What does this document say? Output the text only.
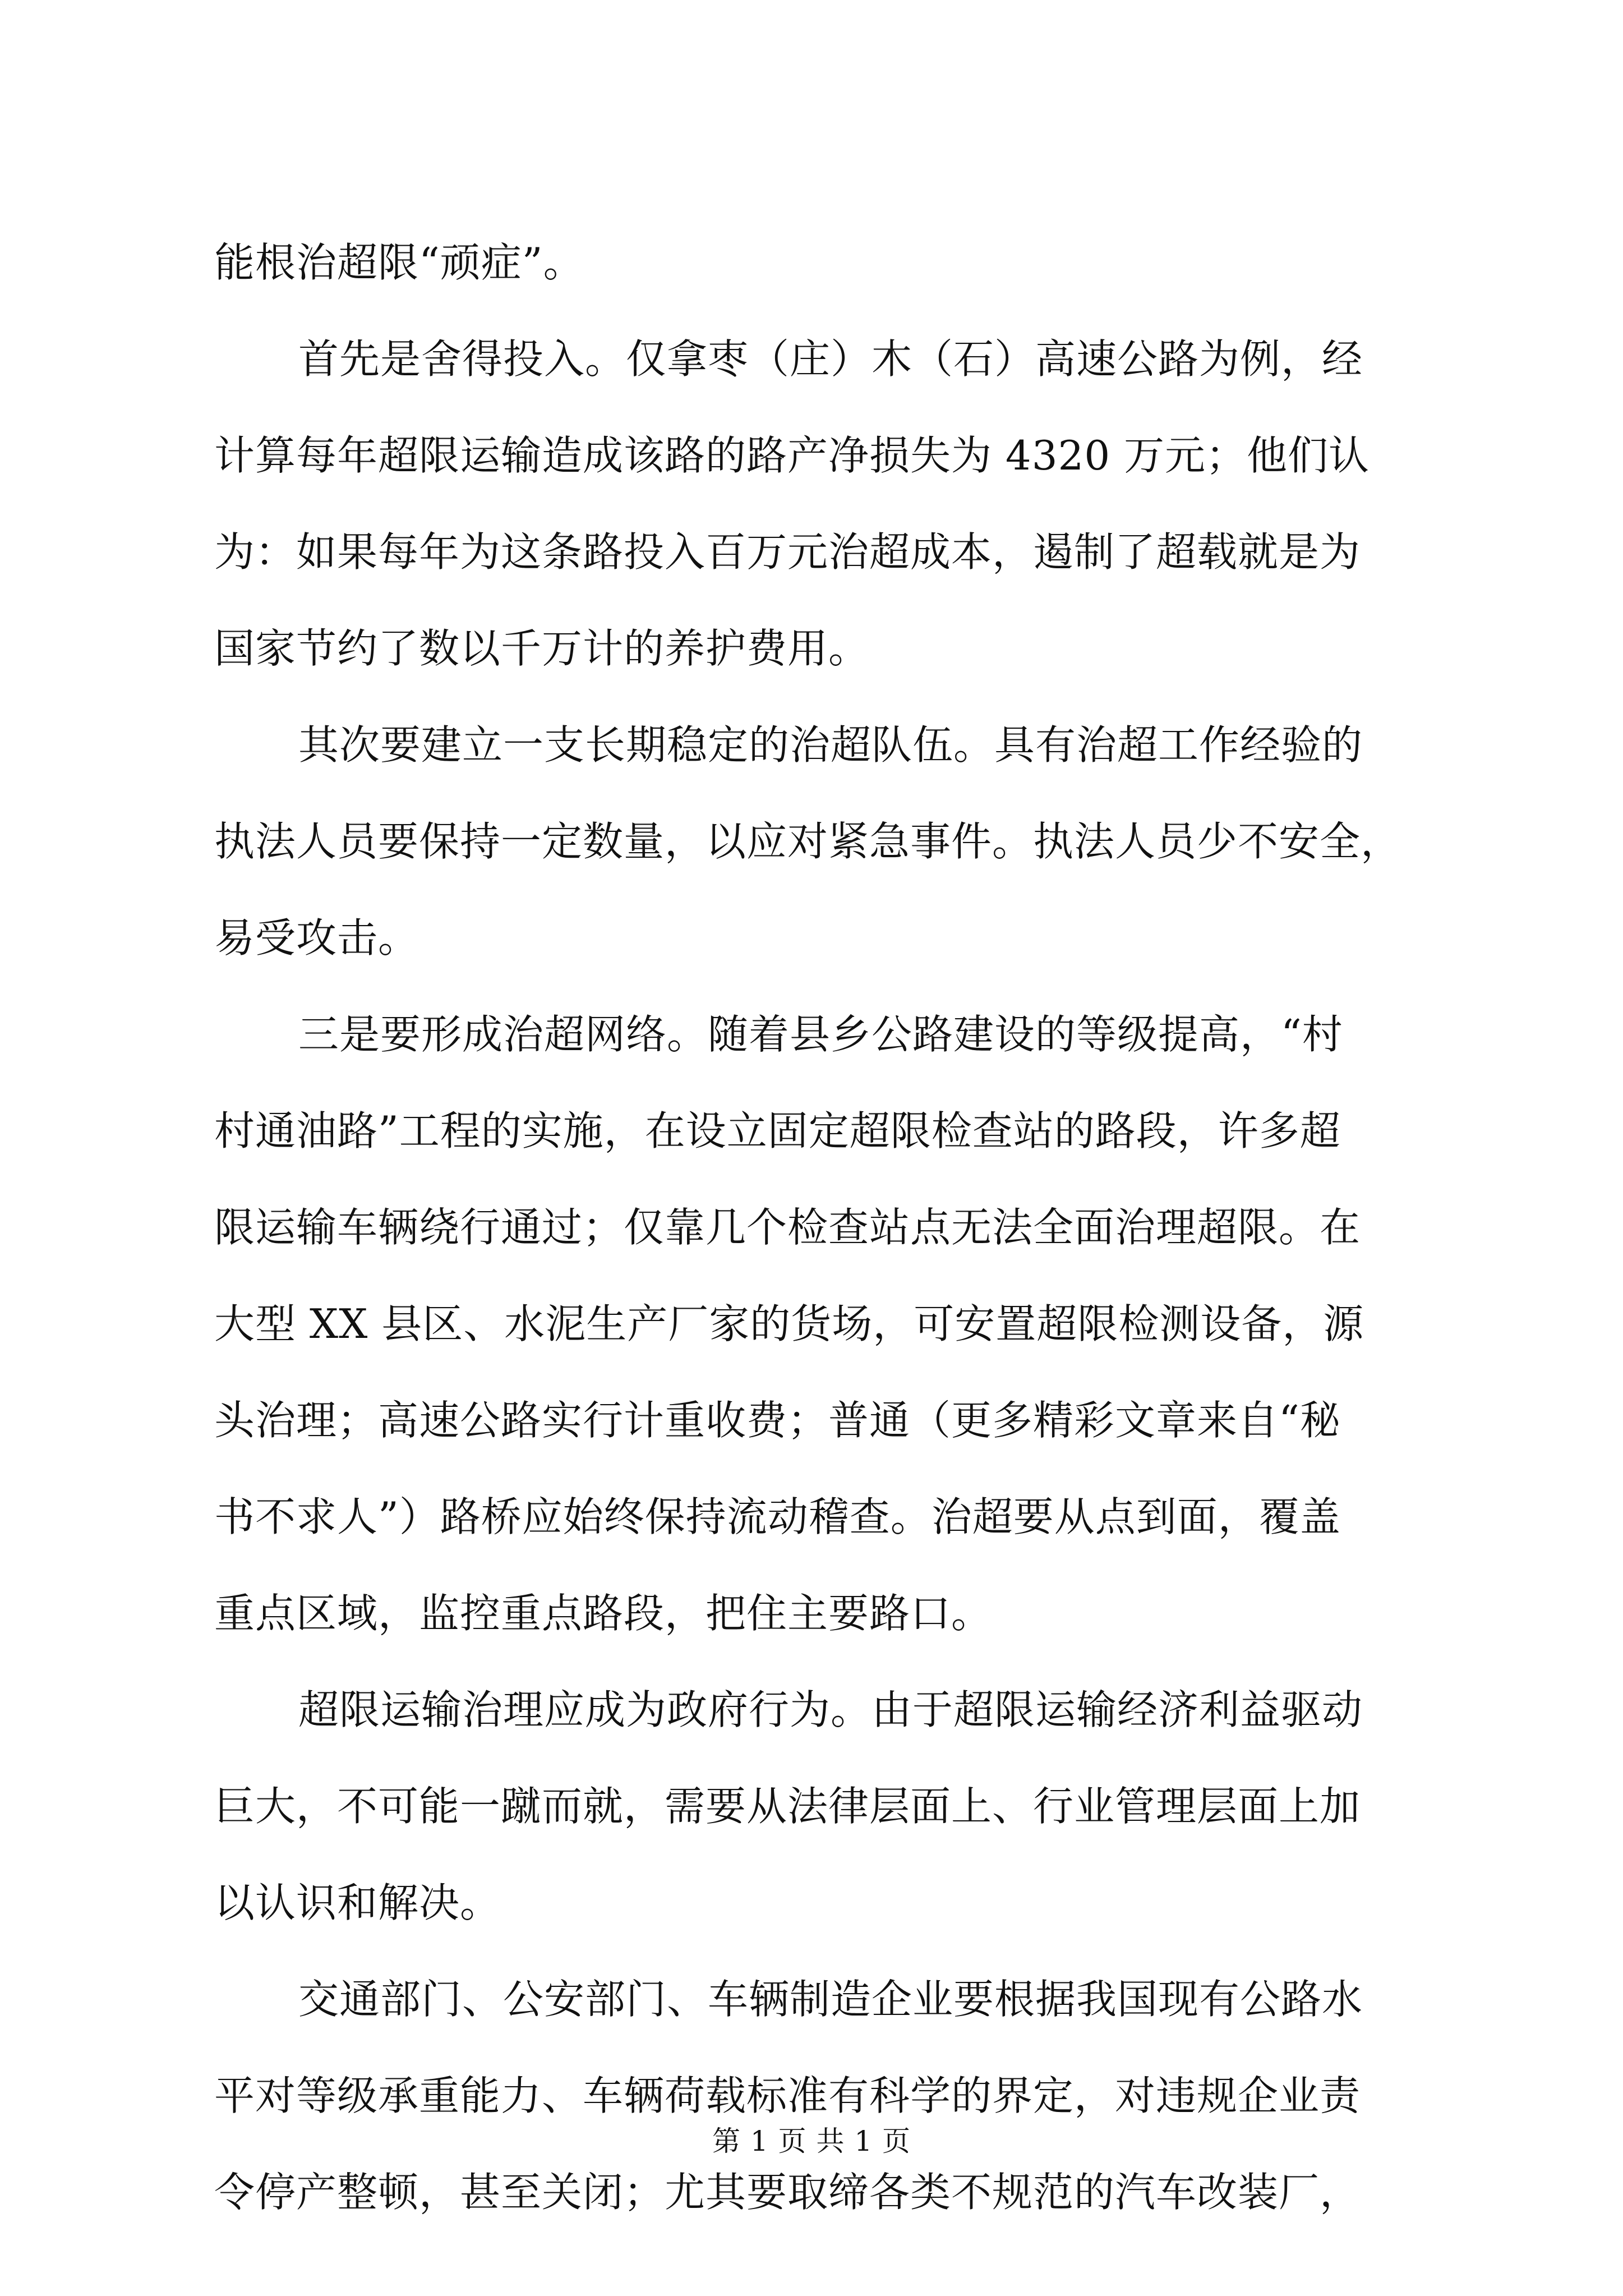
能根治超限“顽症”。
首先是舍得投入。仅拿枣（庄）木（石）高速公路为例，经
计算每年超限运输造成该路的路产净损失为 4320 万元；他们认
为：如果每年为这条路投入百万元治超成本，遏制了超载就是为
国家节约了数以千万计的养护费用。
其次要建立一支长期稳定的治超队伍。具有治超工作经验的
执法人员要保持一定数量，以应对紧急事件。执法人员少不安全，
易受攻击。
三是要形成治超网络。随着县乡公路建设的等级提高，“村
村通油路”工程的实施，在设立固定超限检查站的路段，许多超
限运输车辆绕行通过；仅靠几个检查站点无法全面治理超限。在
大型 XX 县区、水泥生产厂家的货场，可安置超限检测设备，源
头治理；高速公路实行计重收费；普通（更多精彩文章来自“秘
书不求人”）路桥应始终保持流动稽查。治超要从点到面，覆盖
重点区域，监控重点路段，把住主要路口。
超限运输治理应成为政府行为。由于超限运输经济利益驱动
巨大，不可能一蹴而就，需要从法律层面上、行业管理层面上加
以认识和解决。
交通部门、公安部门、车辆制造企业要根据我国现有公路水
平对等级承重能力、车辆荷载标准有科学的界定，对违规企业责
令停产整顿，甚至关闭；尤其要取缔各类不规范的汽车改装厂，
第 1 页 共 1 页
